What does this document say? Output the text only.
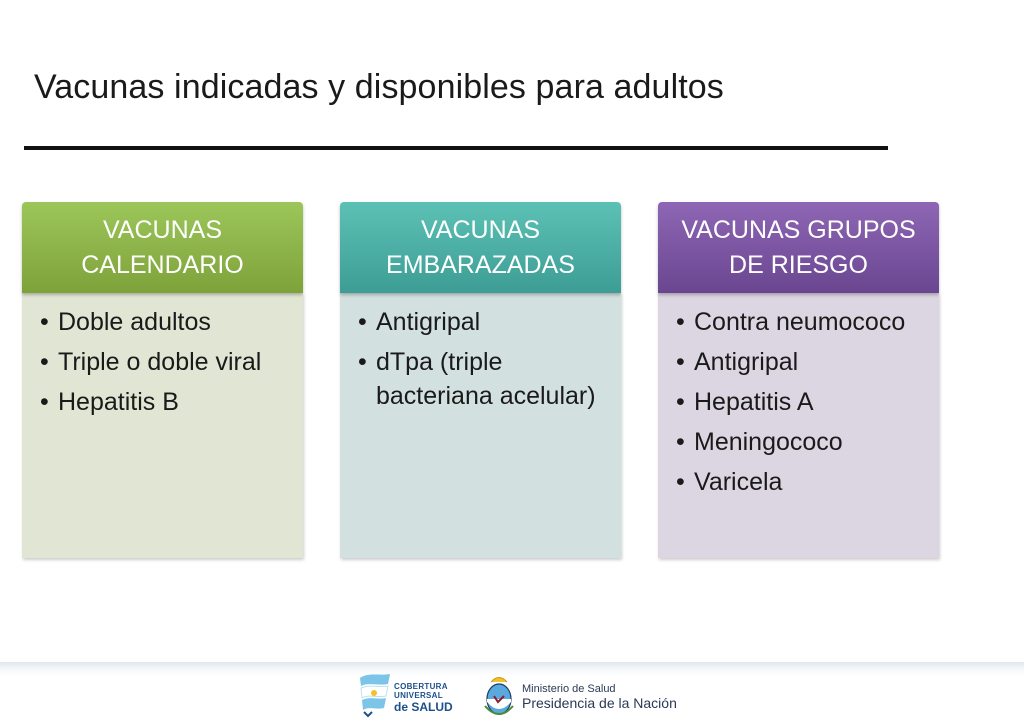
Vacunas indicadas y disponibles para adultos
VACUNAS CALENDARIO
• Doble adultos
• Triple o doble viral
• Hepatitis B
VACUNAS EMBARAZADAS
• Antigripal
• dTpa (triple bacteriana acelular)
VACUNAS GRUPOS DE RIESGO
• Contra neumococo
• Antigripal
• Hepatitis A
• Meningococo
• Varicela
COBERTURA
UNIVERSAL
de SALUD
Ministerio de Salud
Presidencia de la Nación
